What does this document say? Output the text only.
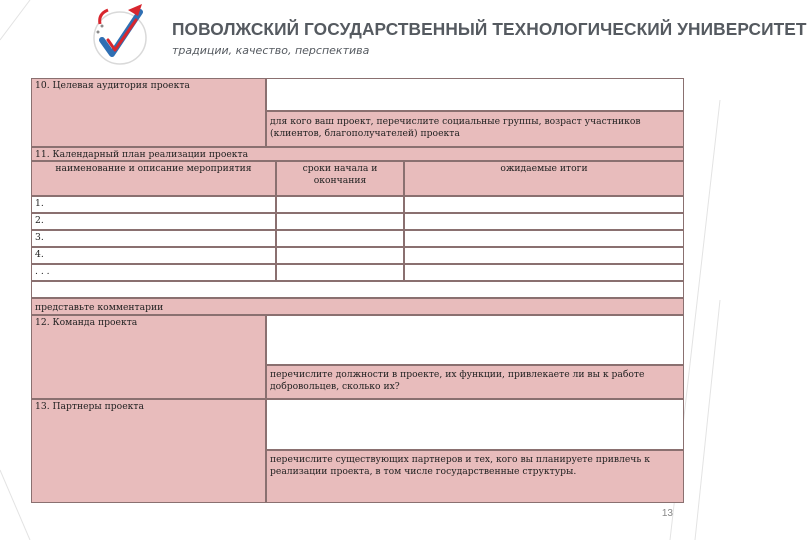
ПОВОЛЖСКИЙ ГОСУДАРСТВЕННЫЙ ТЕХНОЛОГИЧЕСКИЙ УНИВЕРСИТЕТ
традиции, качество, перспектива
10. Целевая аудитория проекта
для кого ваш проект, перечислите социальные группы, возраст участников (клиентов, благополучателей) проекта
11. Календарный план реализации проекта
наименование и описание мероприятия	сроки начала и окончания
ожидаемые итоги
1.
2.
3.
4.
. . .
представьте комментарии
12. Команда проекта
перечислите должности в проекте, их функции, привлекаете ли вы к работе добровольцев, сколько их?
13. Партнеры проекта
перечислите существующих партнеров и тех, кого вы планируете привлечь к реализации проекта, в том числе государственные структуры.
13
